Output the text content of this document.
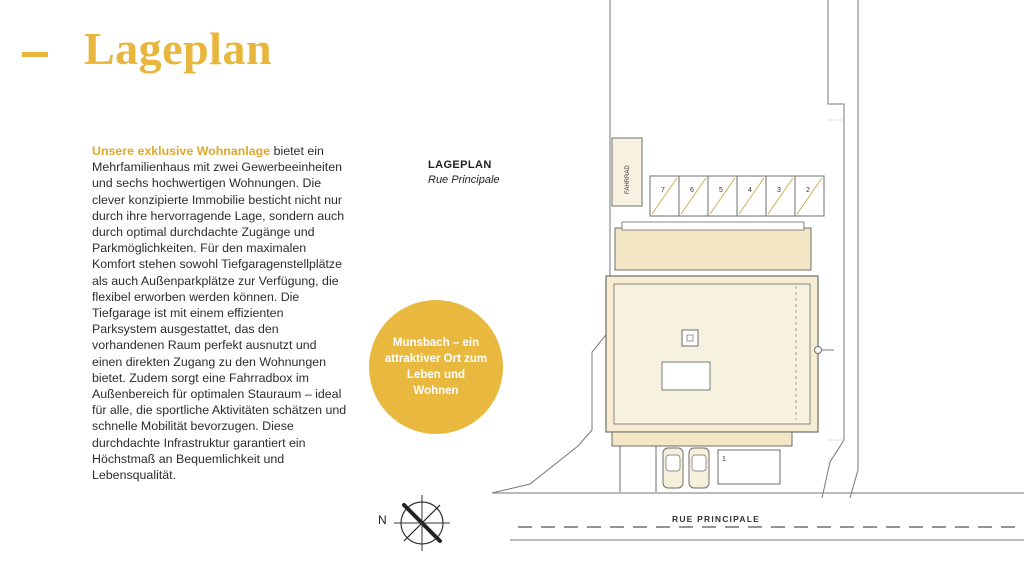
Lageplan

Unsere exklusive Wohnanlage bietet ein Mehrfamilienhaus mit zwei Gewerbeeinheiten und sechs hochwertigen Wohnungen. Die clever konzipierte Immobilie besticht nicht nur durch ihre hervorragende Lage, sondern auch durch optimal durchdachte Zugänge und Parkmöglichkeiten. Für den maximalen Komfort stehen sowohl Tiefgaragenstellplätze als auch Außenparkplätze zur Verfügung, die flexibel erworben werden können. Die Tiefgarage ist mit einem effizienten Parksystem ausgestattet, das den vorhandenen Raum perfekt ausnutzt und einen direkten Zugang zu den Wohnungen bietet. Zudem sorgt eine Fahrradbox im Außenbereich für optimalen Stauraum – ideal für alle, die sportliche Aktivitäten schätzen und schnelle Mobilität bevorzugen. Diese durchdachte Infrastruktur garantiert ein Höchstmaß an Bequemlichkeit und Lebensqualität.

Munsbach – ein attraktiver Ort zum Leben und Wohnen
LAGEPLAN
Rue Principale	FAHRRAD	7	6	5	4	3	2
1
RUE PRINCIPALE
N
